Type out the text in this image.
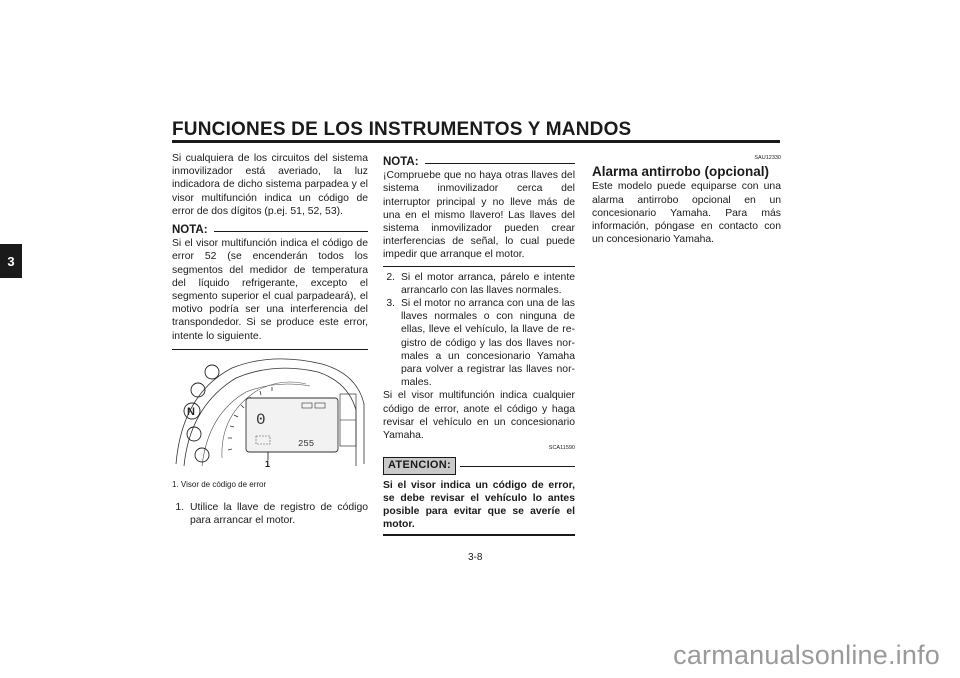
FUNCIONES DE LOS INSTRUMENTOS Y MANDOS
3

Si cualquiera de los circuitos del sistema inmovilizador está averiado, la luz indicadora de dicho sistema parpadea y el visor multifunción indica un código de error de dos dígitos (p.ej. 51, 52, 53).

NOTA:

Si el visor multifunción indica el código de error 52 (se encenderán todos los segmentos del medidor de temperatura del líquido refrigerante, excepto el segmento superior el cual parpadeará), el motivo podría ser una interferencia del transpondedor. Si se produce este error, intente lo siguiente.

N	0
255
1
1. Visor de código de error
1. Utilice la llave de registro de código para arrancar el motor.
NOTA:

¡Compruebe que no haya otras llaves del sistema inmovilizador cerca del interruptor principal y no lleve más de una en el mismo llavero! Las llaves del sistema inmovilizador pueden crear interferencias de señal, lo cual puede impedir que arranque el motor.

2. Si el motor arranca, párelo e intente arrancarlo con las llaves normales.
3. Si el motor no arranca con una de las llaves normales o con ninguna de ellas, lleve el vehículo, la llave de registro de código y las dos llaves normales a un concesionario Yamaha para volver a registrar las llaves normales.

Si el visor multifunción indica cualquier código de error, anote el código y haga revisar el vehículo en un concesionario Yamaha.

SCA11590
ATENCION:

Si el visor indica un código de error, se debe revisar el vehículo lo antes posible para evitar que se averíe el motor.

SAU12330
Alarma antirrobo (opcional)

Este modelo puede equiparse con una alarma antirrobo opcional en un concesionario Yamaha. Para más información, póngase en contacto con un concesionario Yamaha.

3-8
carmanualsonline.info
